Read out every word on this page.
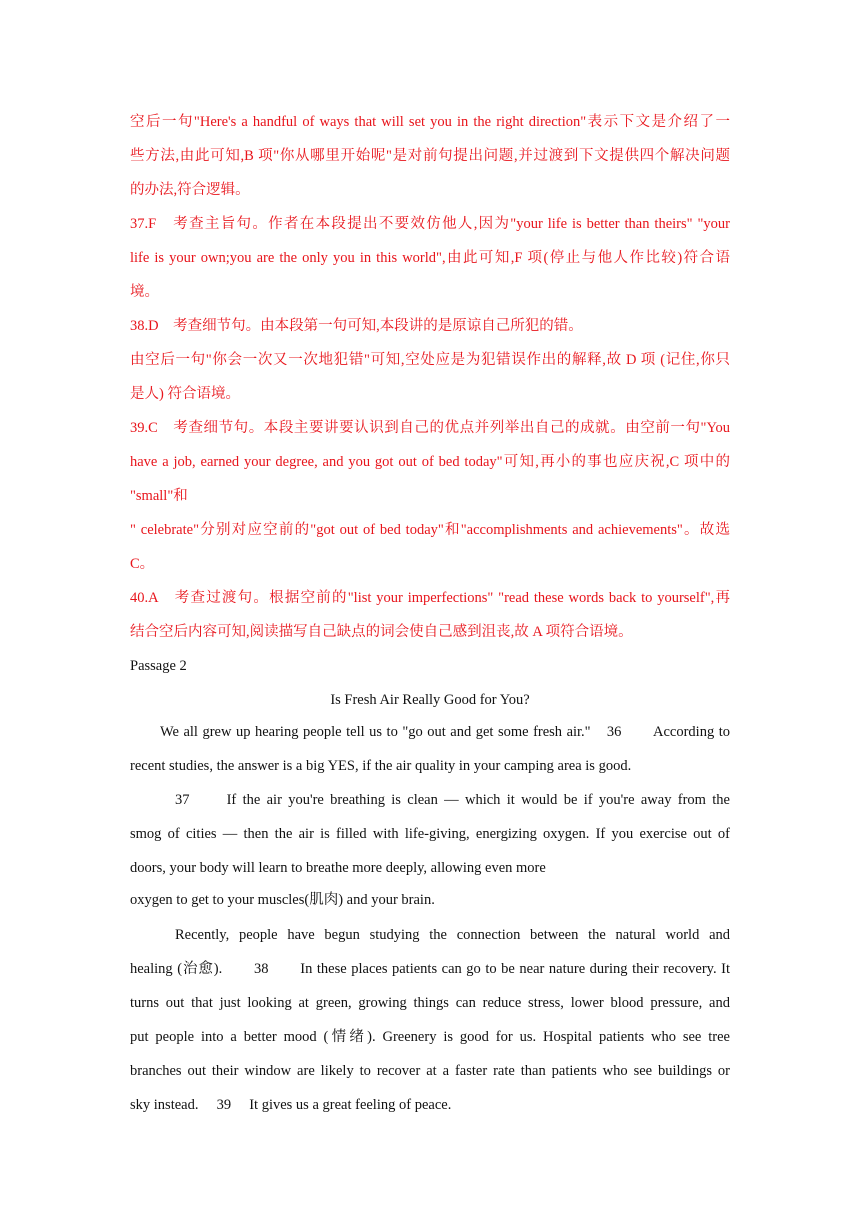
空后一句"Here's a handful of ways that will set you in the right direction"表示下文是介绍了一
些方法,由此可知,B 项"你从哪里开始呢"是对前句提出问题,并过渡到下文提供四个解决问题
的办法,符合逻辑。
37.F　考查主旨句。作者在本段提出不要效仿他人,因为"your life is better than theirs" "your
life is your own;you are the only you in this world",由此可知,F 项(停止与他人作比较)符合语
境。
38.D　考查细节句。由本段第一句可知,本段讲的是原谅自己所犯的错。
由空后一句"你会一次又一次地犯错"可知,空处应是为犯错误作出的解释,故 D 项 (记住,你只
是人) 符合语境。
39.C　考查细节句。本段主要讲要认识到自己的优点并列举出自己的成就。由空前一句"You
have a job, earned your degree, and you got out of bed today"可知,再小的事也应庆祝,C 项中的
"small"和
" celebrate"分别对应空前的"got out of bed today"和"accomplishments and achievements"。故选
C。
40.A　考查过渡句。根据空前的"list your imperfections" "read these words back to yourself",再
结合空后内容可知,阅读描写自己缺点的词会使自己感到沮丧,故 A 项符合语境。
Passage 2
Is Fresh Air Really Good for You?
We all grew up hearing people tell us to "go out and get some fresh air."　36　　According to
recent studies, the answer is a big YES, if the air quality in your camping area is good.
37　　If the air you're breathing is clean — which it would be if you're away from the
smog of cities — then the air is filled with life-giving, energizing oxygen. If you exercise out of
doors, your body will learn to breathe more deeply, allowing even more
oxygen to get to your muscles(肌肉) and your brain.
Recently, people have begun studying the connection between the natural world and
healing (治愈).　　38　　In these places patients can go to be near nature during their recovery. It
turns out that just looking at green, growing things can reduce stress, lower blood pressure, and
put people into a better mood (情绪). Greenery is good for us. Hospital patients who see tree
branches out their window are likely to recover at a faster rate than patients who see buildings or
sky instead.　 39　 It gives us a great feeling of peace.
